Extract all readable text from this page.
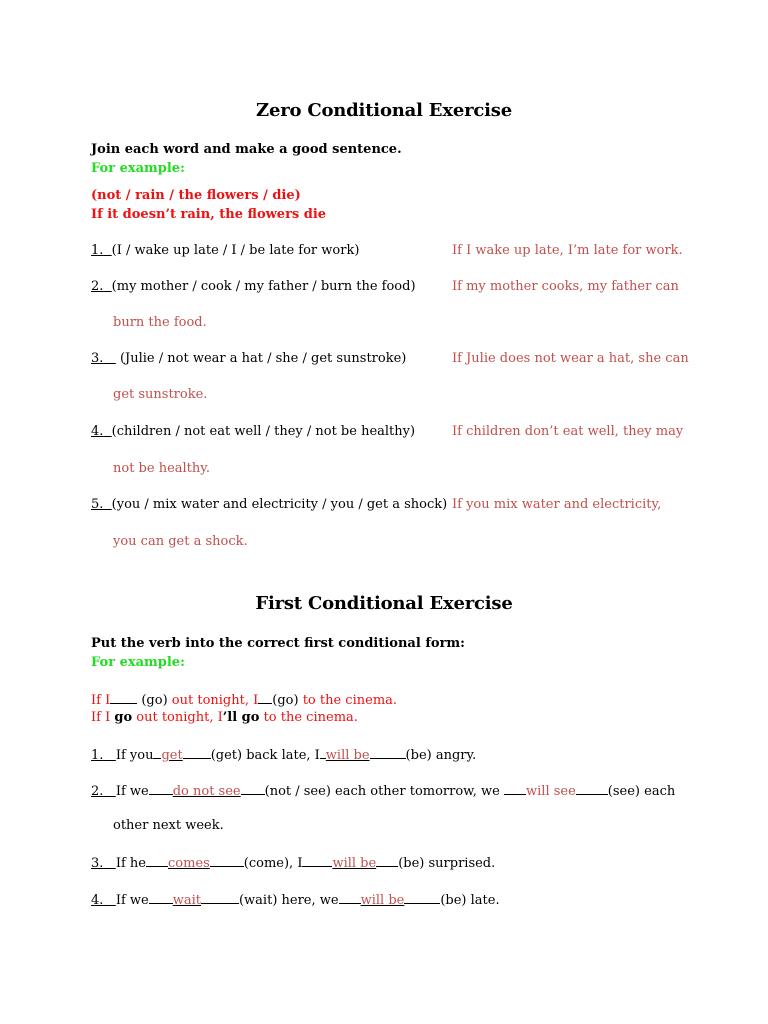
Zero Conditional Exercise
Join each word and make a good sentence.
For example:
(not / rain / the flowers / die)
If it doesn’t rain, the flowers die
1. (I / wake up late / I / be late for work)	If I wake up late, I’m late for work.
2. (my mother / cook / my father / burn the food)	If my mother cooks, my father can
burn the food.
3. (Julie / not wear a hat / she / get sunstroke)	If Julie does not wear a hat, she can
get sunstroke.
4. (children / not eat well / they / not be healthy)	If children don’t eat well, they may
not be healthy.
5. (you / mix water and electricity / you / get a shock) If you mix water and electricity,
you can get a shock.
First Conditional Exercise
Put the verb into the correct first conditional form:
For example:
If I (go) out tonight, I (go) to the cinema.
If I go out tonight, I’ll go to the cinema.
1. If you get (get) back late, I will be	(be) angry.
2. If we do not see (not / see) each other tomorrow, we will see (see) each
other next week.
3. If he comes	(come), I will be (be) surprised.
4. If we wait	(wait) here, we will be	(be) late.
